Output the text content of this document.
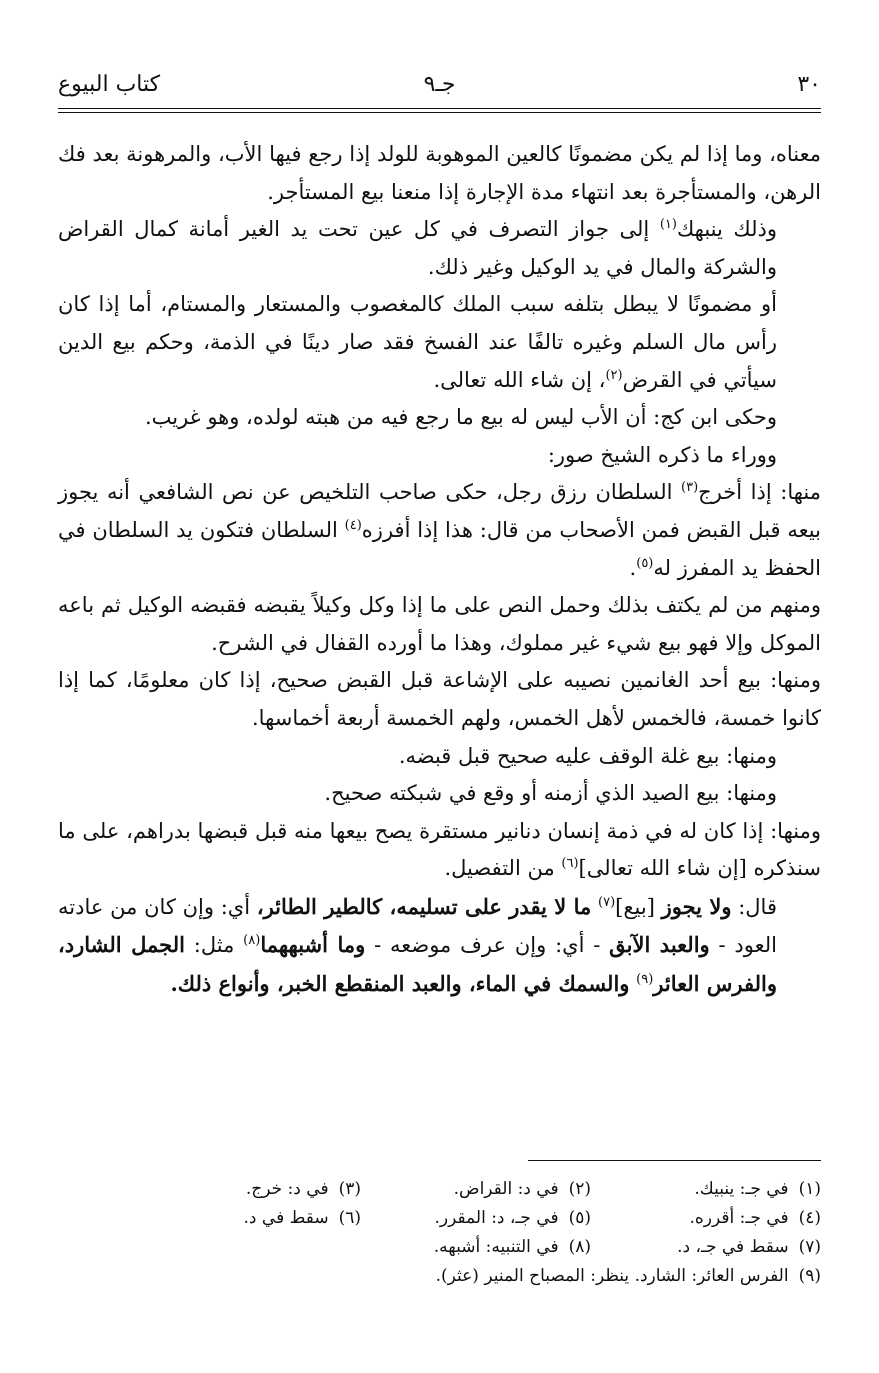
٣٠
جـ٩
كتاب البيوع

معناه، وما إذا لم يكن مضمونًا كالعين الموهوبة للولد إذا رجع فيها الأب، والمرهونة بعد فك الرهن، والمستأجرة بعد انتهاء مدة الإجارة إذا منعنا بيع المستأجر.

وذلك ينبهك$^{(١)}$ إلى جواز التصرف في كل عين تحت يد الغير أمانة كمال القراض والشركة والمال في يد الوكيل وغير ذلك.

أو مضمونًا لا يبطل بتلفه سبب الملك كالمغصوب والمستعار والمستام، أما إذا كان رأس مال السلم وغيره تالفًا عند الفسخ فقد صار دينًا في الذمة، وحكم بيع الدين سيأتي في القرض$^{(٢)}$، إن شاء الله تعالى.

وحكى ابن كج: أن الأب ليس له بيع ما رجع فيه من هبته لولده، وهو غريب.

ووراء ما ذكره الشيخ صور:

منها: إذا أخرج$^{(٣)}$ السلطان رزق رجل، حكى صاحب التلخيص عن نص الشافعي أنه يجوز بيعه قبل القبض فمن الأصحاب من قال: هذا إذا أفرزه$^{(٤)}$ السلطان فتكون يد السلطان في الحفظ يد المفرز له$^{(٥)}$.

ومنهم من لم يكتف بذلك وحمل النص على ما إذا وكل وكيلاً يقبضه فقبضه الوكيل ثم باعه الموكل وإلا فهو بيع شيء غير مملوك، وهذا ما أورده القفال في الشرح.

ومنها: بيع أحد الغانمين نصيبه على الإشاعة قبل القبض صحيح، إذا كان معلومًا، كما إذا كانوا خمسة، فالخمس لأهل الخمس، ولهم الخمسة أربعة أخماسها.

ومنها: بيع غلة الوقف عليه صحيح قبل قبضه.

ومنها: بيع الصيد الذي أزمنه أو وقع في شبكته صحيح.

ومنها: إذا كان له في ذمة إنسان دنانير مستقرة يصح بيعها منه قبل قبضها بدراهم، على ما سنذكره [إن شاء الله تعالى]$^{(٦)}$ من التفصيل.

قال: ولا يجوز [بيع]$^{(٧)}$ ما لا يقدر على تسليمه، كالطير الطائر، أي: وإن كان من عادته العود - والعبد الآبق - أي: وإن عرف موضعه - وما أشبههما$^{(٨)}$ مثل: الجمل الشارد، والفرس العائر$^{(٩)}$ والسمك في الماء، والعبد المنقطع الخبر، وأنواع ذلك.

(١)في جـ: ينبيك.
(٢)في د: القراض.
(٣)في د: خرج.
(٤)في جـ: أقرره.
(٥)في جـ، د: المقرر.
(٦)سقط في د.
(٧)سقط في جـ، د.
(٨)في التنبيه: أشبهه.
(٩)الفرس العائر: الشارد. ينظر: المصباح المنير (عثر).
